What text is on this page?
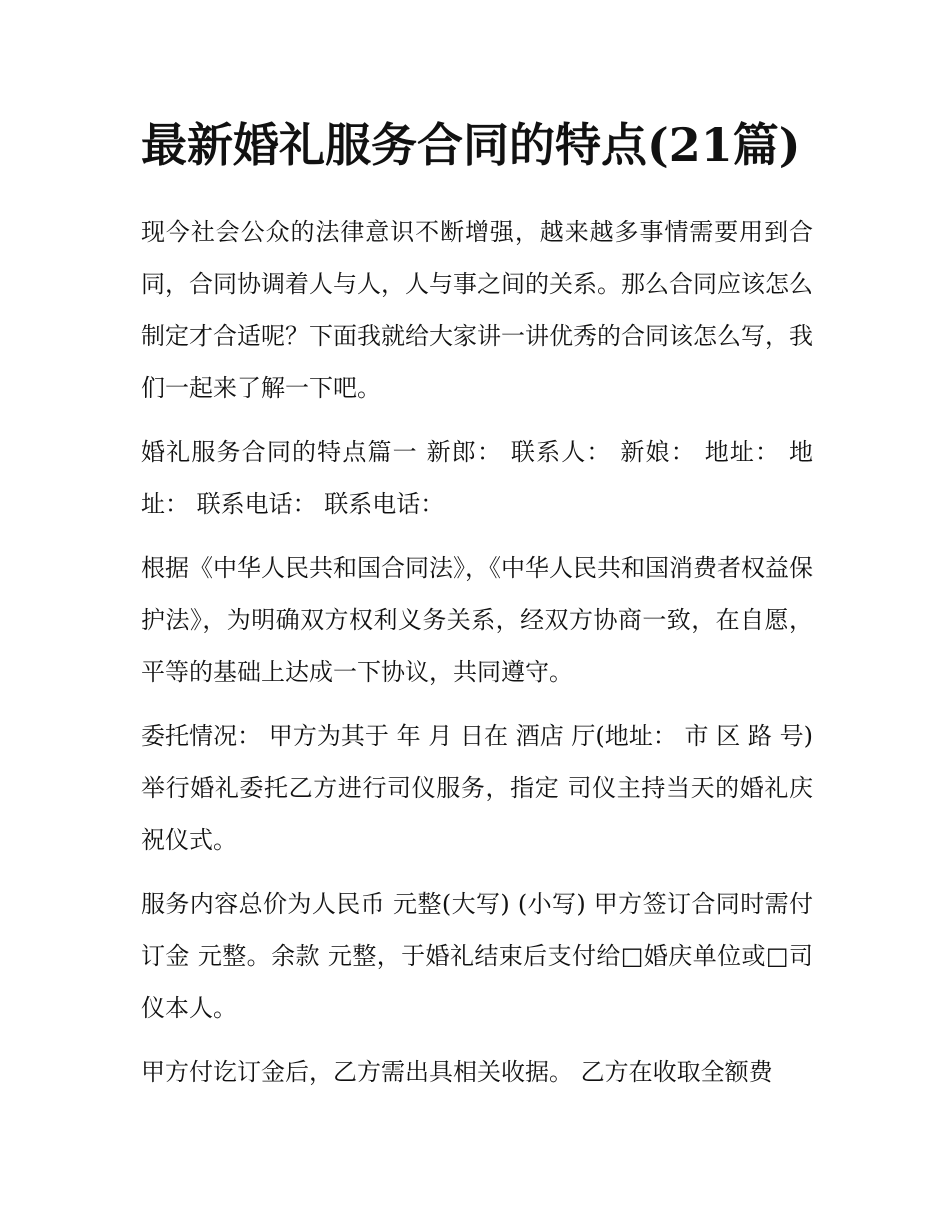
最新婚礼服务合同的特点(21篇)

现今社会公众的法律意识不断增强，越来越多事情需要用到合同，合同协调着人与人，人与事之间的关系。那么合同应该怎么制定才合适呢？下面我就给大家讲一讲优秀的合同该怎么写，我们一起来了解一下吧。

婚礼服务合同的特点篇一 新郎： 联系人： 新娘： 地址： 地址： 联系电话： 联系电话：

根据《中华人民共和国合同法》，《中华人民共和国消费者权益保护法》，为明确双方权利义务关系，经双方协商一致，在自愿，平等的基础上达成一下协议，共同遵守。

委托情况： 甲方为其于 年 月 日在 酒店 厅(地址： 市 区 路 号)举行婚礼委托乙方进行司仪服务，指定 司仪主持当天的婚礼庆祝仪式。

服务内容总价为人民币 元整(大写) (小写) 甲方签订合同时需付订金 元整。余款 元整，于婚礼结束后支付给□婚庆单位或□司仪本人。

甲方付讫订金后，乙方需出具相关收据。 乙方在收取全额费
